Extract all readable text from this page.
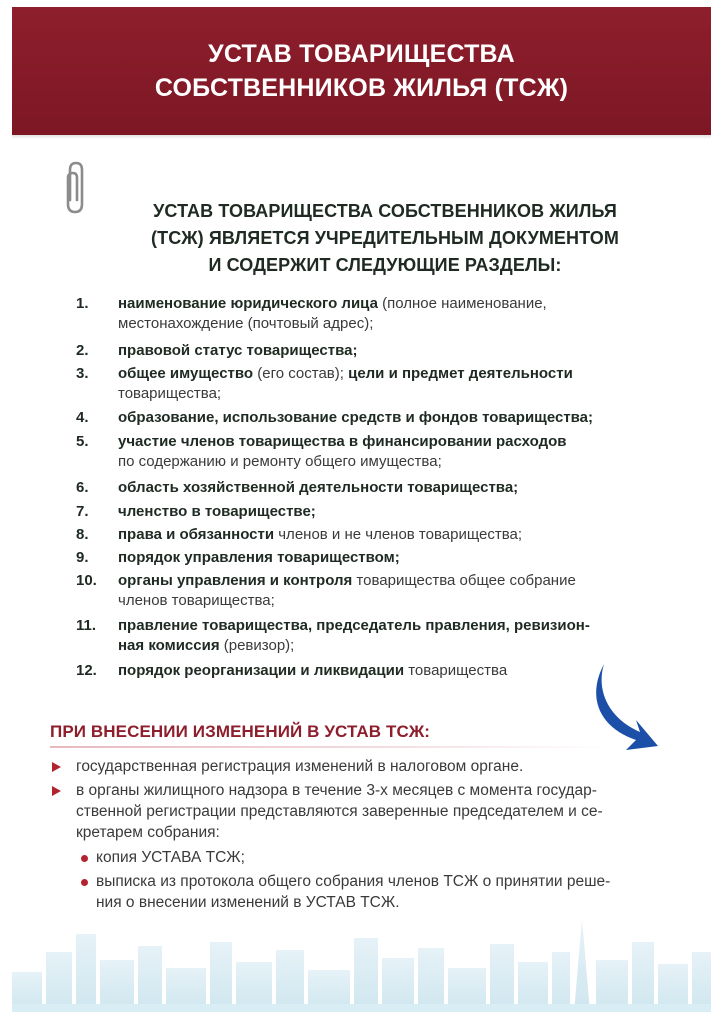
УСТАВ ТОВАРИЩЕСТВА
СОБСТВЕННИКОВ ЖИЛЬЯ (ТСЖ)
УСТАВ ТОВАРИЩЕСТВА СОБСТВЕННИКОВ ЖИЛЬЯ
(ТСЖ) ЯВЛЯЕТСЯ УЧРЕДИТЕЛЬНЫМ ДОКУМЕНТОМ
И СОДЕРЖИТ СЛЕДУЮЩИЕ РАЗДЕЛЫ:
1. наименование юридического лица (полное наименование,
местонахождение (почтовый адрес);
2. правовой статус товарищества;
3. общее имущество (его состав); цели и предмет деятельности
товарищества;
4. образование, использование средств и фондов товарищества;
5. участие членов товарищества в финансировании расходов
по содержанию и ремонту общего имущества;
6. область хозяйственной деятельности товарищества;
7. членство в товариществе;
8. права и обязанности членов и не членов товарищества;
9. порядок управления товариществом;
10. органы управления и контроля товарищества общее собрание
членов товарищества;
11. правление товарищества, председатель правления, ревизион-
ная комиссия (ревизор);
12. порядок реорганизации и ликвидации товарищества
ПРИ ВНЕСЕНИИ ИЗМЕНЕНИЙ В УСТАВ ТСЖ:
государственная регистрация изменений в налоговом органе.
в органы жилищного надзора в течение 3-х месяцев с момента государ-
ственной регистрации представляются заверенные председателем и се-
кретарем собрания:
копия УСТАВА ТСЖ;
выписка из протокола общего собрания членов ТСЖ о принятии реше-
ния о внесении изменений в УСТАВ ТСЖ.
